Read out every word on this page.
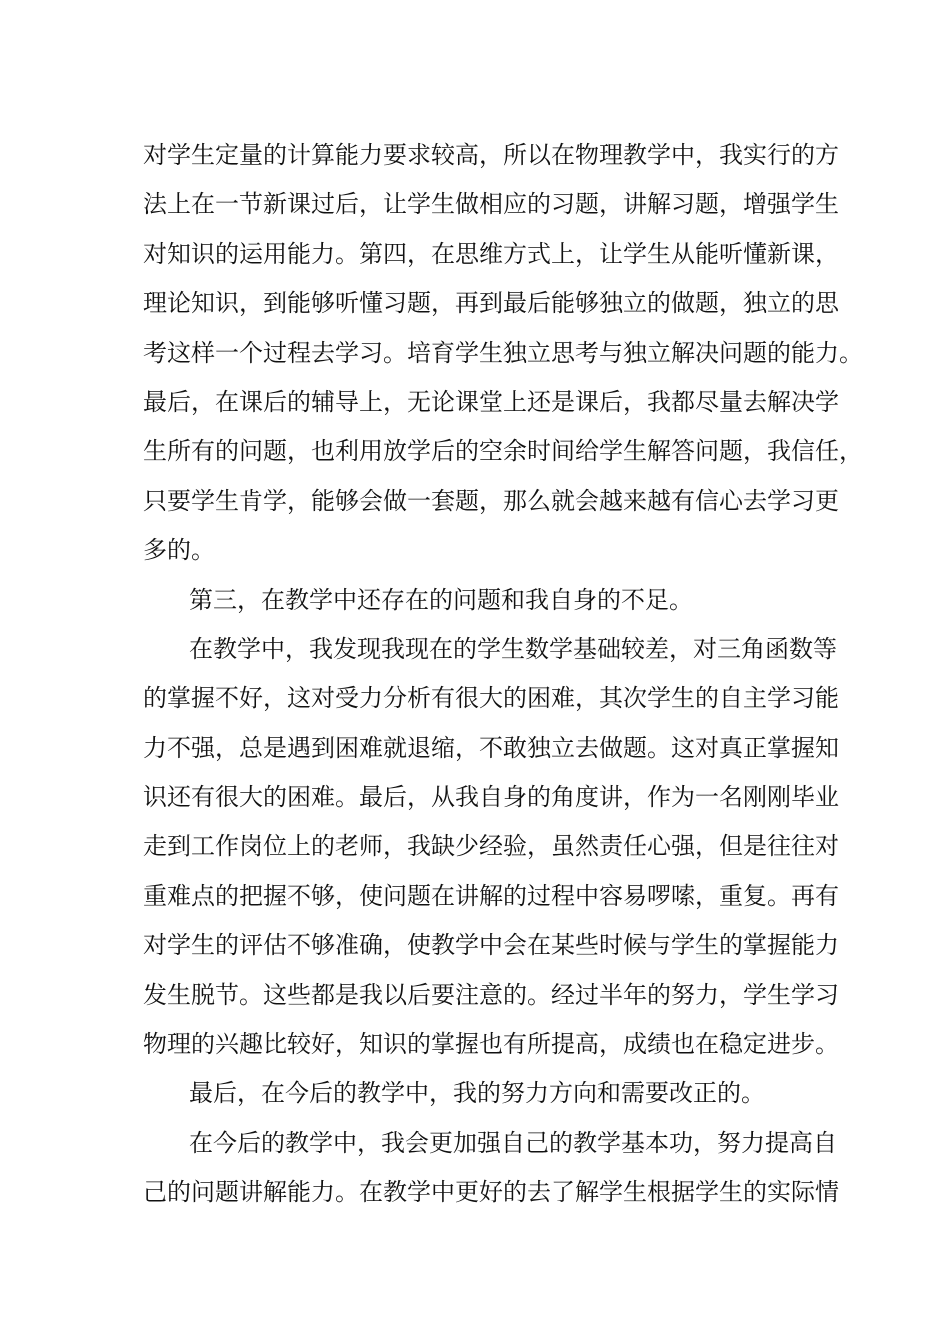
对学生定量的计算能力要求较高，所以在物理教学中，我实行的方
法上在一节新课过后，让学生做相应的习题，讲解习题，增强学生
对知识的运用能力。第四，在思维方式上，让学生从能听懂新课，
理论知识，到能够听懂习题，再到最后能够独立的做题，独立的思
考这样一个过程去学习。培育学生独立思考与独立解决问题的能力。
最后，在课后的辅导上，无论课堂上还是课后，我都尽量去解决学
生所有的问题，也利用放学后的空余时间给学生解答问题，我信任，
只要学生肯学，能够会做一套题，那么就会越来越有信心去学习更
多的。
第三，在教学中还存在的问题和我自身的不足。
在教学中，我发现我现在的学生数学基础较差，对三角函数等
的掌握不好，这对受力分析有很大的困难，其次学生的自主学习能
力不强，总是遇到困难就退缩，不敢独立去做题。这对真正掌握知
识还有很大的困难。最后，从我自身的角度讲，作为一名刚刚毕业
走到工作岗位上的老师，我缺少经验，虽然责任心强，但是往往对
重难点的把握不够，使问题在讲解的过程中容易啰嗦，重复。再有
对学生的评估不够准确，使教学中会在某些时候与学生的掌握能力
发生脱节。这些都是我以后要注意的。经过半年的努力，学生学习
物理的兴趣比较好，知识的掌握也有所提高，成绩也在稳定进步。
最后，在今后的教学中，我的努力方向和需要改正的。
在今后的教学中，我会更加强自己的教学基本功，努力提高自
己的问题讲解能力。在教学中更好的去了解学生根据学生的实际情
